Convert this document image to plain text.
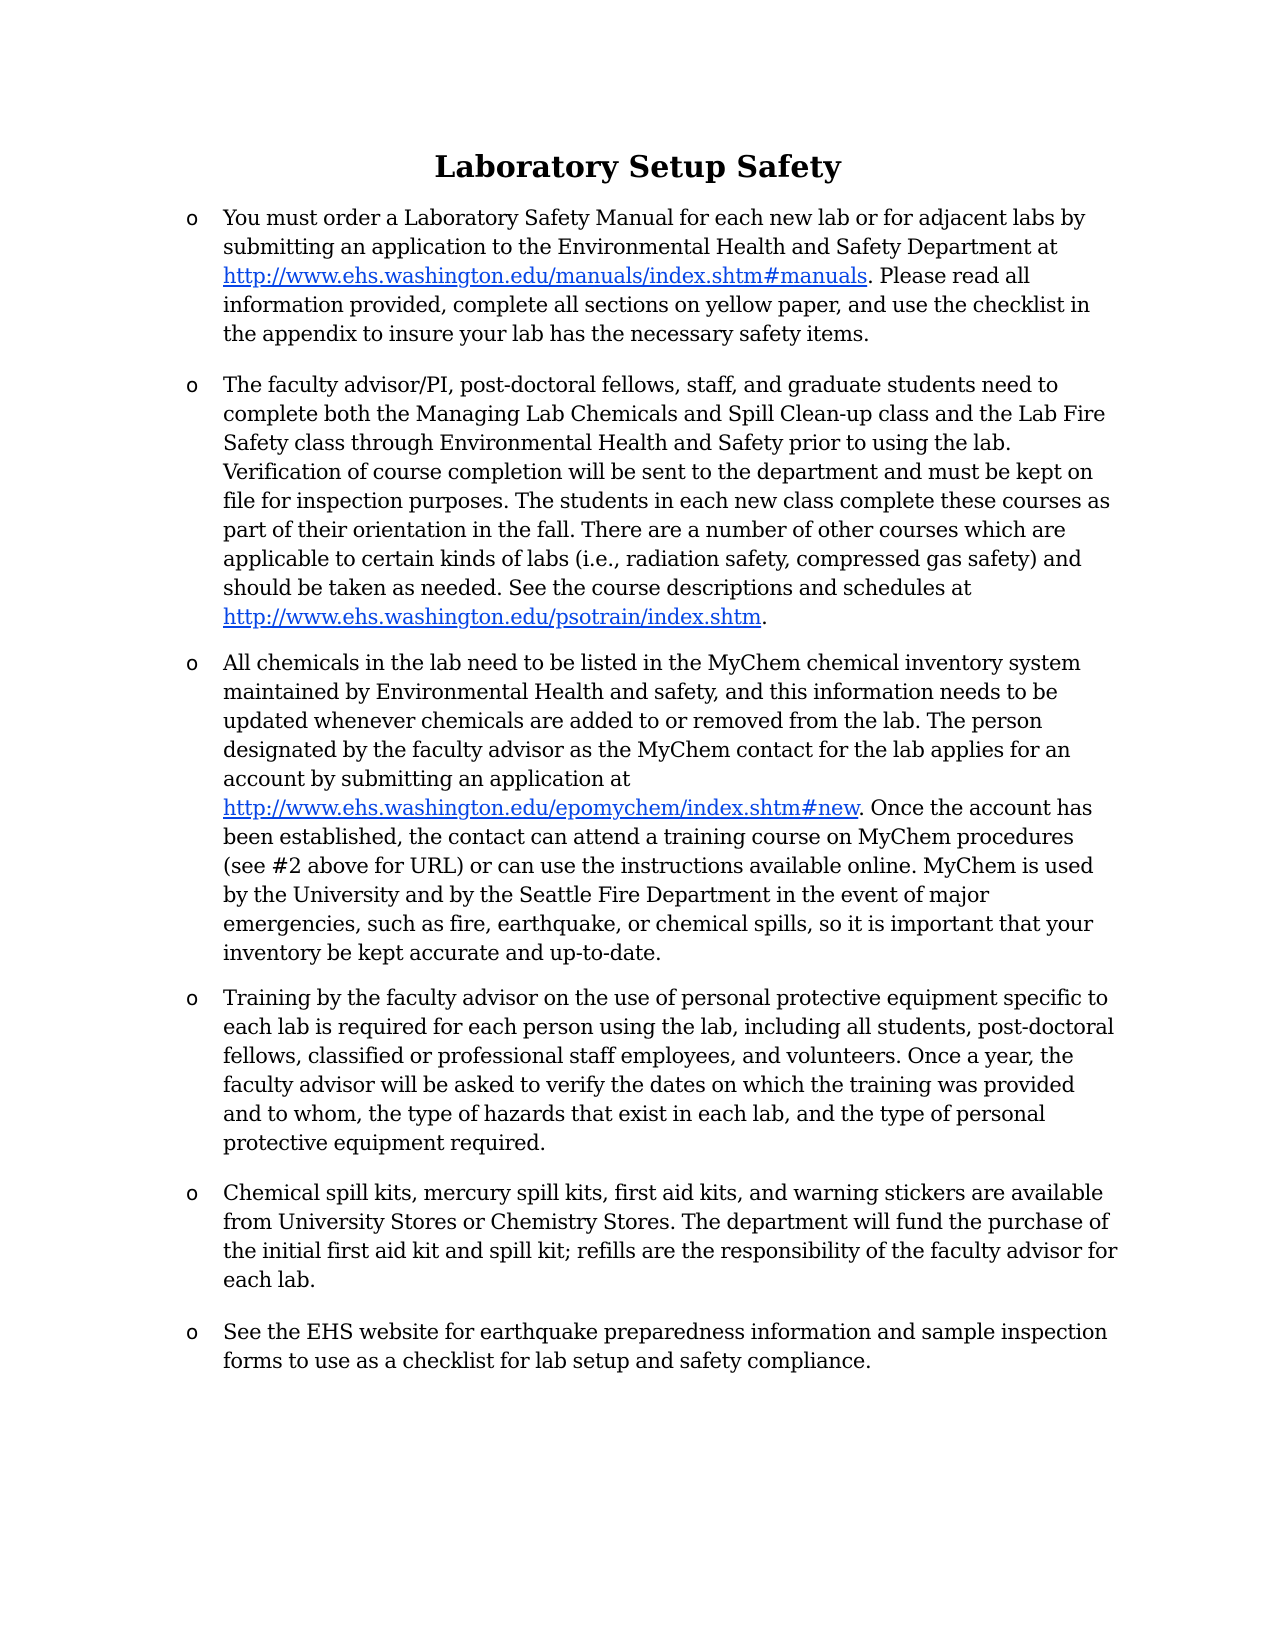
Laboratory Setup Safety
o You must order a Laboratory Safety Manual for each new lab or for adjacent labs by submitting an application to the Environmental Health and Safety Department at http://www.ehs.washington.edu/manuals/index.shtm#manuals. Please read all information provided, complete all sections on yellow paper, and use the checklist in the appendix to insure your lab has the necessary safety items.

o The faculty advisor/PI, post-doctoral fellows, staff, and graduate students need to complete both the Managing Lab Chemicals and Spill Clean-up class and the Lab Fire Safety class through Environmental Health and Safety prior to using the lab. Verification of course completion will be sent to the department and must be kept on file for inspection purposes. The students in each new class complete these courses as part of their orientation in the fall. There are a number of other courses which are applicable to certain kinds of labs (i.e., radiation safety, compressed gas safety) and should be taken as needed. See the course descriptions and schedules at http://www.ehs.washington.edu/psotrain/index.shtm.

o All chemicals in the lab need to be listed in the MyChem chemical inventory system maintained by Environmental Health and safety, and this information needs to be updated whenever chemicals are added to or removed from the lab. The person designated by the faculty advisor as the MyChem contact for the lab applies for an account by submitting an application at http://www.ehs.washington.edu/epomychem/index.shtm#new. Once the account has been established, the contact can attend a training course on MyChem procedures (see #2 above for URL) or can use the instructions available online. MyChem is used by the University and by the Seattle Fire Department in the event of major emergencies, such as fire, earthquake, or chemical spills, so it is important that your inventory be kept accurate and up-to-date.

o Training by the faculty advisor on the use of personal protective equipment specific to each lab is required for each person using the lab, including all students, post-doctoral fellows, classified or professional staff employees, and volunteers. Once a year, the faculty advisor will be asked to verify the dates on which the training was provided and to whom, the type of hazards that exist in each lab, and the type of personal protective equipment required.

o Chemical spill kits, mercury spill kits, first aid kits, and warning stickers are available from University Stores or Chemistry Stores. The department will fund the purchase of the initial first aid kit and spill kit; refills are the responsibility of the faculty advisor for each lab.

o See the EHS website for earthquake preparedness information and sample inspection forms to use as a checklist for lab setup and safety compliance.
